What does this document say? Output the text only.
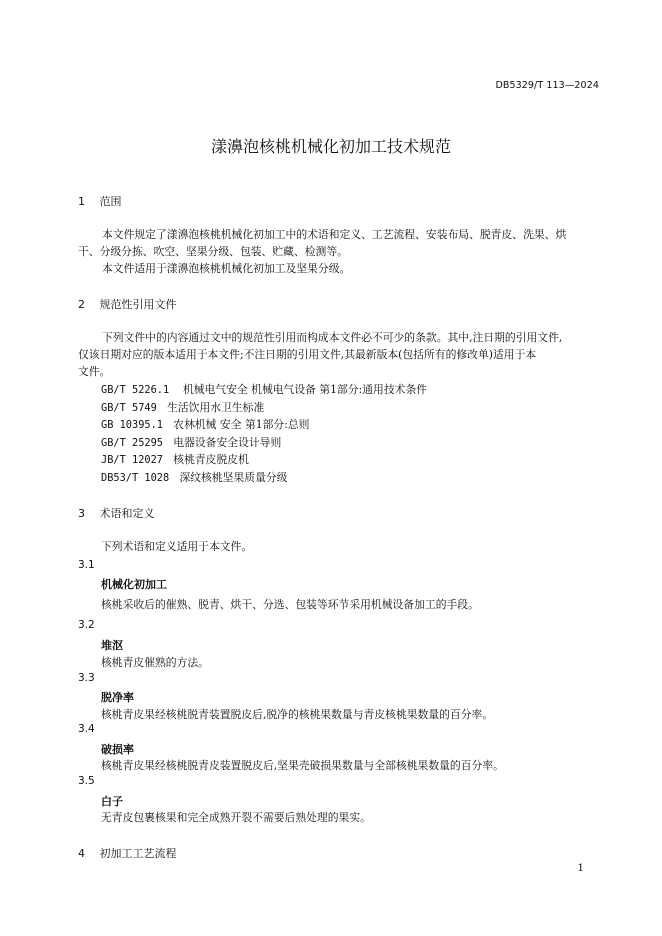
DB5329/T 113—2024
漾濞泡核桃机械化初加工技术规范
1 范围
本文件规定了漾濞泡核桃机械化初加工中的术语和定义、工艺流程、安装布局、脱青皮、洗果、烘
干、分级分拣、吹空、坚果分级、包装、贮藏、检测等。
本文件适用于漾濞泡核桃机械化初加工及坚果分级。
2 规范性引用文件
下列文件中的内容通过文中的规范性引用而构成本文件必不可少的条款。其中,注日期的引用文件,
仅该日期对应的版本适用于本文件;不注日期的引用文件,其最新版本(包括所有的修改单)适用于本
文件。
GB/T 5226.1 机械电气安全 机械电气设备 第1部分:通用技术条件
GB/T 5749 生活饮用水卫生标准
GB 10395.1 农林机械 安全 第1部分:总则
GB/T 25295 电器设备安全设计导则
JB/T 12027 核桃青皮脱皮机
DB53/T 1028 深纹核桃坚果质量分级
3 术语和定义
下列术语和定义适用于本文件。
3.1
机械化初加工
核桃采收后的催熟、脱青、烘干、分选、包装等环节采用机械设备加工的手段。
3.2
堆沤
核桃青皮催熟的方法。
3.3
脱净率
核桃青皮果经核桃脱青装置脱皮后,脱净的核桃果数量与青皮核桃果数量的百分率。
3.4
破损率
核桃青皮果经核桃脱青皮装置脱皮后,坚果壳破损果数量与全部核桃果数量的百分率。
3.5
白子
无青皮包裹核果和完全成熟开裂不需要后熟处理的果实。
4 初加工工艺流程
1
